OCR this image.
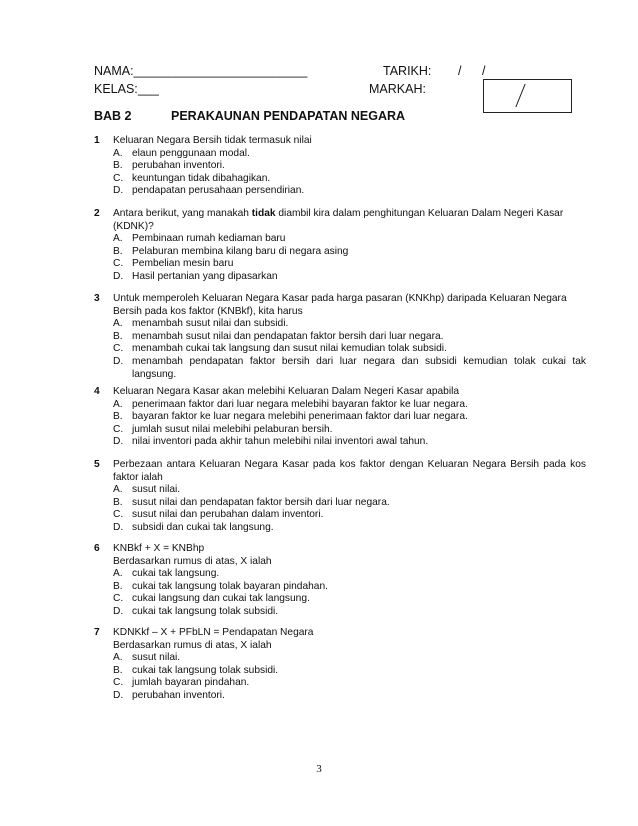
NAMA:_________________________
KELAS: ___
TARIKH: / /
MARKAH:
BAB 2	PERAKAUNAN PENDAPATAN NEGARA
1	Keluaran Negara Bersih tidak termasuk nilai
A. elaun penggunaan modal.
B. perubahan inventori.
C. keuntungan tidak dibahagikan.
D. pendapatan perusahaan persendirian.
2	Antara berikut, yang manakah tidak diambil kira dalam penghitungan Keluaran Dalam Negeri Kasar
(KDNK)?
A. Pembinaan rumah kediaman baru
B. Pelaburan membina kilang baru di negara asing
C. Pembelian mesin baru
D. Hasil pertanian yang dipasarkan
3	Untuk memperoleh Keluaran Negara Kasar pada harga pasaran (KNKhp) daripada Keluaran Negara
Bersih pada kos faktor (KNBkf), kita harus
A. menambah susut nilai dan subsidi.
B. menambah susut nilai dan pendapatan faktor bersih dari luar negara.
C. menambah cukai tak langsung dan susut nilai kemudian tolak subsidi.
D. menambah pendapatan faktor bersih dari luar negara dan subsidi kemudian tolak cukai tak
langsung.
4	Keluaran Negara Kasar akan melebihi Keluaran Dalam Negeri Kasar apabila
A. penerimaan faktor dari luar negara melebihi bayaran faktor ke luar negara.
B. bayaran faktor ke luar negara melebihi penerimaan faktor dari luar negara.
C. jumlah susut nilai melebihi pelaburan bersih.
D. nilai inventori pada akhir tahun melebihi nilai inventori awal tahun.
5	Perbezaan antara Keluaran Negara Kasar pada kos faktor dengan Keluaran Negara Bersih pada kos
faktor ialah
A. susut nilai.
B. susut nilai dan pendapatan faktor bersih dari luar negara.
C. susut nilai dan perubahan dalam inventori.
D. subsidi dan cukai tak langsung.
6	KNBkf + X = KNBhp
Berdasarkan rumus di atas, X ialah
A. cukai tak langsung.
B. cukai tak langsung tolak bayaran pindahan.
C. cukai langsung dan cukai tak langsung.
D. cukai tak langsung tolak subsidi.
7	KDNKkf – X + PFbLN = Pendapatan Negara
Berdasarkan rumus di atas, X ialah
A. susut nilai.
B. cukai tak langsung tolak subsidi.
C. jumlah bayaran pindahan.
D. perubahan inventori.
3
